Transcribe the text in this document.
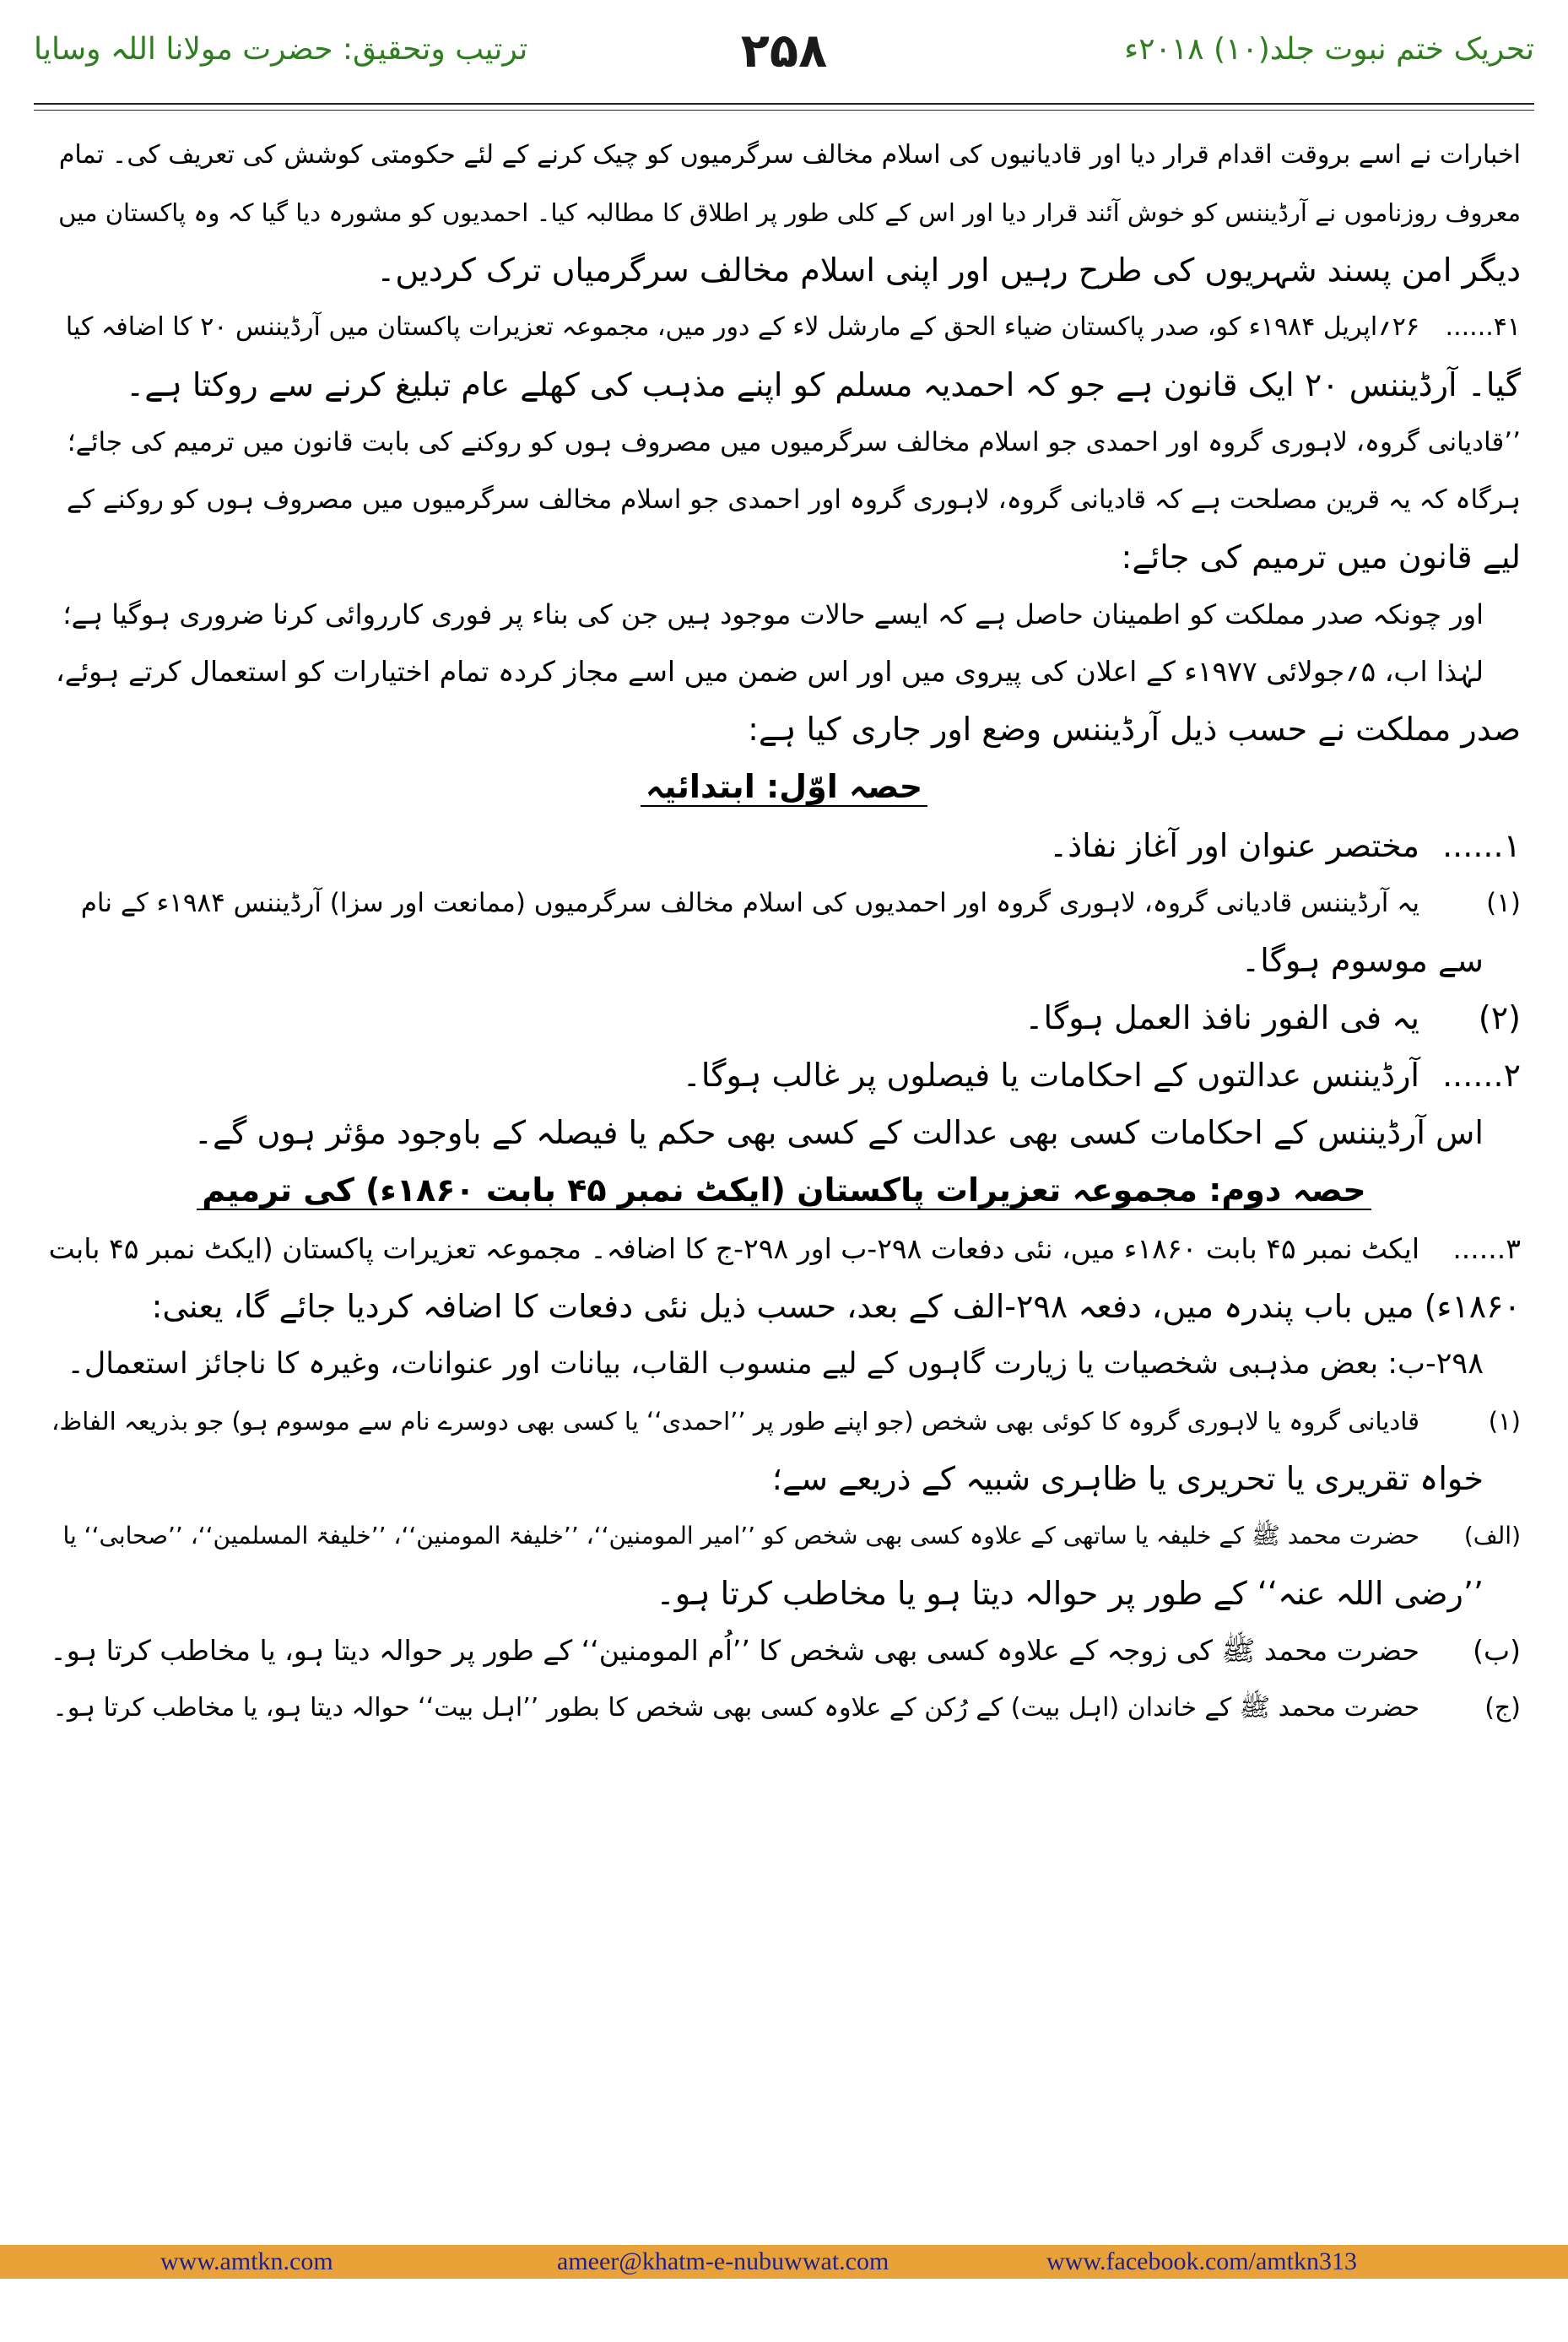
تحریک ختم نبوت جلد(۱۰) ۲۰۱۸ء
۲۵۸
ترتیب وتحقیق: حضرت مولانا اللہ وسایا
اخبارات نے اسے بروقت اقدام قرار دیا اور قادیانیوں کی اسلام مخالف سرگرمیوں کو چیک کرنے کے لئے حکومتی کوشش کی تعریف کی۔ تمام
معروف روزناموں نے آرڈیننس کو خوش آئند قرار دیا اور اس کے کلی طور پر اطلاق کا مطالبہ کیا۔ احمدیوں کو مشورہ دیا گیا کہ وہ پاکستان میں
دیگر امن پسند شہریوں کی طرح رہیں اور اپنی اسلام مخالف سرگرمیاں ترک کردیں۔
۴۱......۲۶؍اپریل ۱۹۸۴ء کو، صدر پاکستان ضیاء الحق کے مارشل لاء کے دور میں، مجموعہ تعزیرات پاکستان میں آرڈیننس ۲۰ کا اضافہ کیا
گیا۔ آرڈیننس ۲۰ ایک قانون ہے جو کہ احمدیہ مسلم کو اپنے مذہب کی کھلے عام تبلیغ کرنے سے روکتا ہے۔
’’قادیانی گروہ، لاہوری گروہ اور احمدی جو اسلام مخالف سرگرمیوں میں مصروف ہوں کو روکنے کی بابت قانون میں ترمیم کی جائے؛
ہرگاہ کہ یہ قرین مصلحت ہے کہ قادیانی گروہ، لاہوری گروہ اور احمدی جو اسلام مخالف سرگرمیوں میں مصروف ہوں کو روکنے کے
لیے قانون میں ترمیم کی جائے:
اور چونکہ صدر مملکت کو اطمینان حاصل ہے کہ ایسے حالات موجود ہیں جن کی بناء پر فوری کارروائی کرنا ضروری ہوگیا ہے؛
لہٰذا اب، ۵؍جولائی ۱۹۷۷ء کے اعلان کی پیروی میں اور اس ضمن میں اسے مجاز کردہ تمام اختیارات کو استعمال کرتے ہوئے،
صدر مملکت نے حسب ذیل آرڈیننس وضع اور جاری کیا ہے:
حصہ اوّل: ابتدائیہ
۱......مختصر عنوان اور آغاز نفاذ۔
(۱)یہ آرڈیننس قادیانی گروہ، لاہوری گروہ اور احمدیوں کی اسلام مخالف سرگرمیوں (ممانعت اور سزا) آرڈیننس ۱۹۸۴ء کے نام
سے موسوم ہوگا۔
(۲)یہ فی الفور نافذ العمل ہوگا۔
۲......آرڈیننس عدالتوں کے احکامات یا فیصلوں پر غالب ہوگا۔
اس آرڈیننس کے احکامات کسی بھی عدالت کے کسی بھی حکم یا فیصلہ کے باوجود مؤثر ہوں گے۔
حصہ دوم: مجموعہ تعزیرات پاکستان (ایکٹ نمبر ۴۵ بابت ۱۸۶۰ء) کی ترمیم
۳......ایکٹ نمبر ۴۵ بابت ۱۸۶۰ء میں، نئی دفعات ۲۹۸-ب اور ۲۹۸-ج کا اضافہ۔ مجموعہ تعزیرات پاکستان (ایکٹ نمبر ۴۵ بابت
۱۸۶۰ء) میں باب پندرہ میں، دفعہ ۲۹۸-الف کے بعد، حسب ذیل نئی دفعات کا اضافہ کردیا جائے گا، یعنی:
۲۹۸-ب: بعض مذہبی شخصیات یا زیارت گاہوں کے لیے منسوب القاب، بیانات اور عنوانات، وغیرہ کا ناجائز استعمال۔
(۱)قادیانی گروہ یا لاہوری گروہ کا کوئی بھی شخص (جو اپنے طور پر ’’احمدی‘‘ یا کسی بھی دوسرے نام سے موسوم ہو) جو بذریعہ الفاظ،
خواہ تقریری یا تحریری یا ظاہری شبیہ کے ذریعے سے؛
(الف)حضرت محمد ﷺ کے خلیفہ یا ساتھی کے علاوہ کسی بھی شخص کو ’’امیر المومنین‘‘، ’’خلیفۃ المومنین‘‘، ’’خلیفۃ المسلمین‘‘، ’’صحابی‘‘ یا
’’رضی اللہ عنہ‘‘ کے طور پر حوالہ دیتا ہو یا مخاطب کرتا ہو۔
(ب)حضرت محمد ﷺ کی زوجہ کے علاوہ کسی بھی شخص کا ’’اُم المومنین‘‘ کے طور پر حوالہ دیتا ہو، یا مخاطب کرتا ہو۔
(ج)حضرت محمد ﷺ کے خاندان (اہل بیت) کے رُکن کے علاوہ کسی بھی شخص کا بطور ’’اہل بیت‘‘ حوالہ دیتا ہو، یا مخاطب کرتا ہو۔
www.amtkn.com	ameer@khatm-e-nubuwwat.com	www.facebook.com/amtkn313
